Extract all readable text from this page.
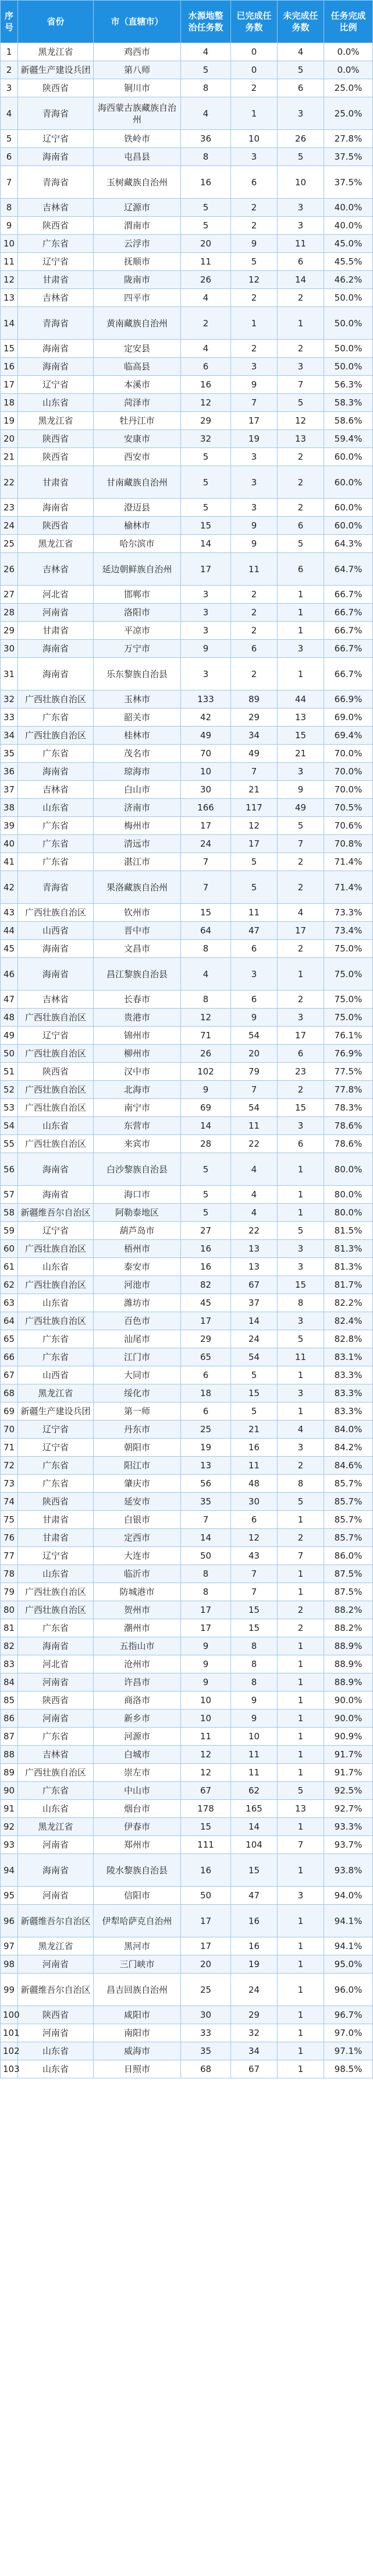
序号	省份	市（直辖市）	水源地整治任务数	已完成任务数	未完成任务数	任务完成比例
1	黑龙江省	鸡西市	4	0	4	0.0%
2	新疆生产建设兵团	第八师	5	0	5	0.0%
3	陕西省	铜川市	8	2	6	25.0%
4	青海省	海西蒙古族藏族自治州	4	1	3	25.0%
5	辽宁省	铁岭市	36	10	26	27.8%
6	海南省	屯昌县	8	3	5	37.5%
7	青海省	玉树藏族自治州	16	6	10	37.5%
8	吉林省	辽源市	5	2	3	40.0%
9	陕西省	渭南市	5	2	3	40.0%
10	广东省	云浮市	20	9	11	45.0%
11	辽宁省	抚顺市	11	5	6	45.5%
12	甘肃省	陇南市	26	12	14	46.2%
13	吉林省	四平市	4	2	2	50.0%
14	青海省	黄南藏族自治州	2	1	1	50.0%
15	海南省	定安县	4	2	2	50.0%
16	海南省	临高县	6	3	3	50.0%
17	辽宁省	本溪市	16	9	7	56.3%
18	山东省	菏泽市	12	7	5	58.3%
19	黑龙江省	牡丹江市	29	17	12	58.6%
20	陕西省	安康市	32	19	13	59.4%
21	陕西省	西安市	5	3	2	60.0%
22	甘肃省	甘南藏族自治州	5	3	2	60.0%
23	海南省	澄迈县	5	3	2	60.0%
24	陕西省	榆林市	15	9	6	60.0%
25	黑龙江省	哈尔滨市	14	9	5	64.3%
26	吉林省	延边朝鲜族自治州	17	11	6	64.7%
27	河北省	邯郸市	3	2	1	66.7%
28	河南省	洛阳市	3	2	1	66.7%
29	甘肃省	平凉市	3	2	1	66.7%
30	海南省	万宁市	9	6	3	66.7%
31	海南省	乐东黎族自治县	3	2	1	66.7%
32	广西壮族自治区	玉林市	133	89	44	66.9%
33	广东省	韶关市	42	29	13	69.0%
34	广西壮族自治区	桂林市	49	34	15	69.4%
35	广东省	茂名市	70	49	21	70.0%
36	海南省	琼海市	10	7	3	70.0%
37	吉林省	白山市	30	21	9	70.0%
38	山东省	济南市	166	117	49	70.5%
39	广东省	梅州市	17	12	5	70.6%
40	广东省	清远市	24	17	7	70.8%
41	广东省	湛江市	7	5	2	71.4%
42	青海省	果洛藏族自治州	7	5	2	71.4%
43	广西壮族自治区	钦州市	15	11	4	73.3%
44	山西省	晋中市	64	47	17	73.4%
45	海南省	文昌市	8	6	2	75.0%
46	海南省	昌江黎族自治县	4	3	1	75.0%
47	吉林省	长春市	8	6	2	75.0%
48	广西壮族自治区	贵港市	12	9	3	75.0%
49	辽宁省	锦州市	71	54	17	76.1%
50	广西壮族自治区	柳州市	26	20	6	76.9%
51	陕西省	汉中市	102	79	23	77.5%
52	广西壮族自治区	北海市	9	7	2	77.8%
53	广西壮族自治区	南宁市	69	54	15	78.3%
54	山东省	东营市	14	11	3	78.6%
55	广西壮族自治区	来宾市	28	22	6	78.6%
56	海南省	白沙黎族自治县	5	4	1	80.0%
57	海南省	海口市	5	4	1	80.0%
58	新疆维吾尔自治区	阿勒泰地区	5	4	1	80.0%
59	辽宁省	葫芦岛市	27	22	5	81.5%
60	广西壮族自治区	梧州市	16	13	3	81.3%
61	山东省	泰安市	16	13	3	81.3%
62	广西壮族自治区	河池市	82	67	15	81.7%
63	山东省	潍坊市	45	37	8	82.2%
64	广西壮族自治区	百色市	17	14	3	82.4%
65	广东省	汕尾市	29	24	5	82.8%
66	广东省	江门市	65	54	11	83.1%
67	山西省	大同市	6	5	1	83.3%
68	黑龙江省	绥化市	18	15	3	83.3%
69	新疆生产建设兵团	第一师	6	5	1	83.3%
70	辽宁省	丹东市	25	21	4	84.0%
71	辽宁省	朝阳市	19	16	3	84.2%
72	广东省	阳江市	13	11	2	84.6%
73	广东省	肇庆市	56	48	8	85.7%
74	陕西省	延安市	35	30	5	85.7%
75	甘肃省	白银市	7	6	1	85.7%
76	甘肃省	定西市	14	12	2	85.7%
77	辽宁省	大连市	50	43	7	86.0%
78	山东省	临沂市	8	7	1	87.5%
79	广西壮族自治区	防城港市	8	7	1	87.5%
80	广西壮族自治区	贺州市	17	15	2	88.2%
81	广东省	潮州市	17	15	2	88.2%
82	海南省	五指山市	9	8	1	88.9%
83	河北省	沧州市	9	8	1	88.9%
84	河南省	许昌市	9	8	1	88.9%
85	陕西省	商洛市	10	9	1	90.0%
86	河南省	新乡市	10	9	1	90.0%
87	广东省	河源市	11	10	1	90.9%
88	吉林省	白城市	12	11	1	91.7%
89	广西壮族自治区	崇左市	12	11	1	91.7%
90	广东省	中山市	67	62	5	92.5%
91	山东省	烟台市	178	165	13	92.7%
92	黑龙江省	伊春市	15	14	1	93.3%
93	河南省	郑州市	111	104	7	93.7%
94	海南省	陵水黎族自治县	16	15	1	93.8%
95	河南省	信阳市	50	47	3	94.0%
96	新疆维吾尔自治区	伊犁哈萨克自治州	17	16	1	94.1%
97	黑龙江省	黑河市	17	16	1	94.1%
98	河南省	三门峡市	20	19	1	95.0%
99	新疆维吾尔自治区	昌吉回族自治州	25	24	1	96.0%
100	陕西省	咸阳市	30	29	1	96.7%
101	河南省	南阳市	33	32	1	97.0%
102	山东省	威海市	35	34	1	97.1%
103	山东省	日照市	68	67	1	98.5%
